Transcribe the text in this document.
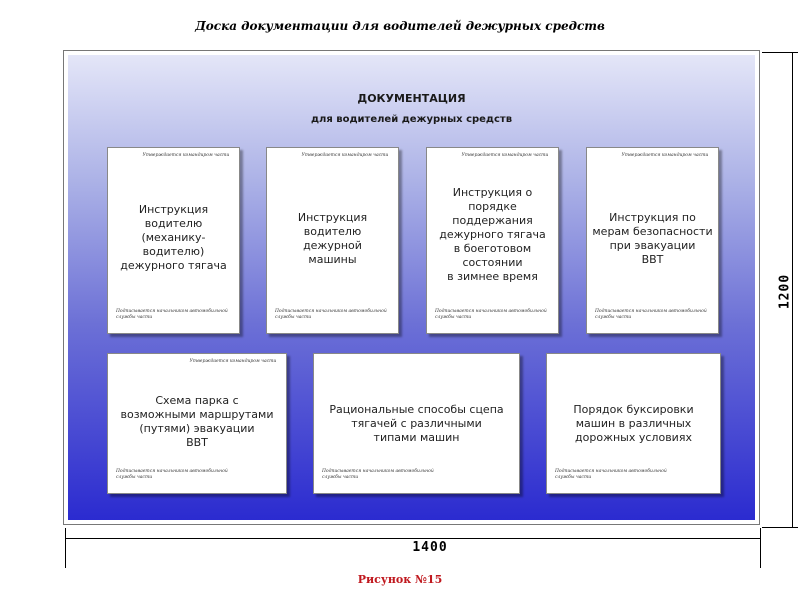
Доска документации для водителей дежурных средств
ДОКУМЕНТАЦИЯ
для водителей дежурных средств
Утверждается командиром части
Инструкция
водителю
(механику-
водителю)
дежурного тягача
Подписывается начальником автомобильной службы части
Утверждается командиром части
Инструкция
водителю
дежурной
машины
Подписывается начальником автомобильной службы части
Утверждается командиром части
Инструкция о
порядке
поддержания
дежурного тягача
в боеготовом
состоянии
в зимнее время
Подписывается начальником автомобильной службы части
Утверждается командиром части
Инструкция по
мерам безопасности
при эвакуации
ВВТ
Подписывается начальником автомобильной службы части
Утверждается командиром части
Схема парка с
возможными маршрутами
(путями) эвакуации
ВВТ
Подписывается начальником автомобильной службы части
Рациональные способы сцепа
тягачей с различными
типами машин
Подписывается начальником автомобильной службы части
Порядок буксировки
машин в различных
дорожных условиях
Подписывается начальником автомобильной службы части
1400
1200
Рисунок №15
